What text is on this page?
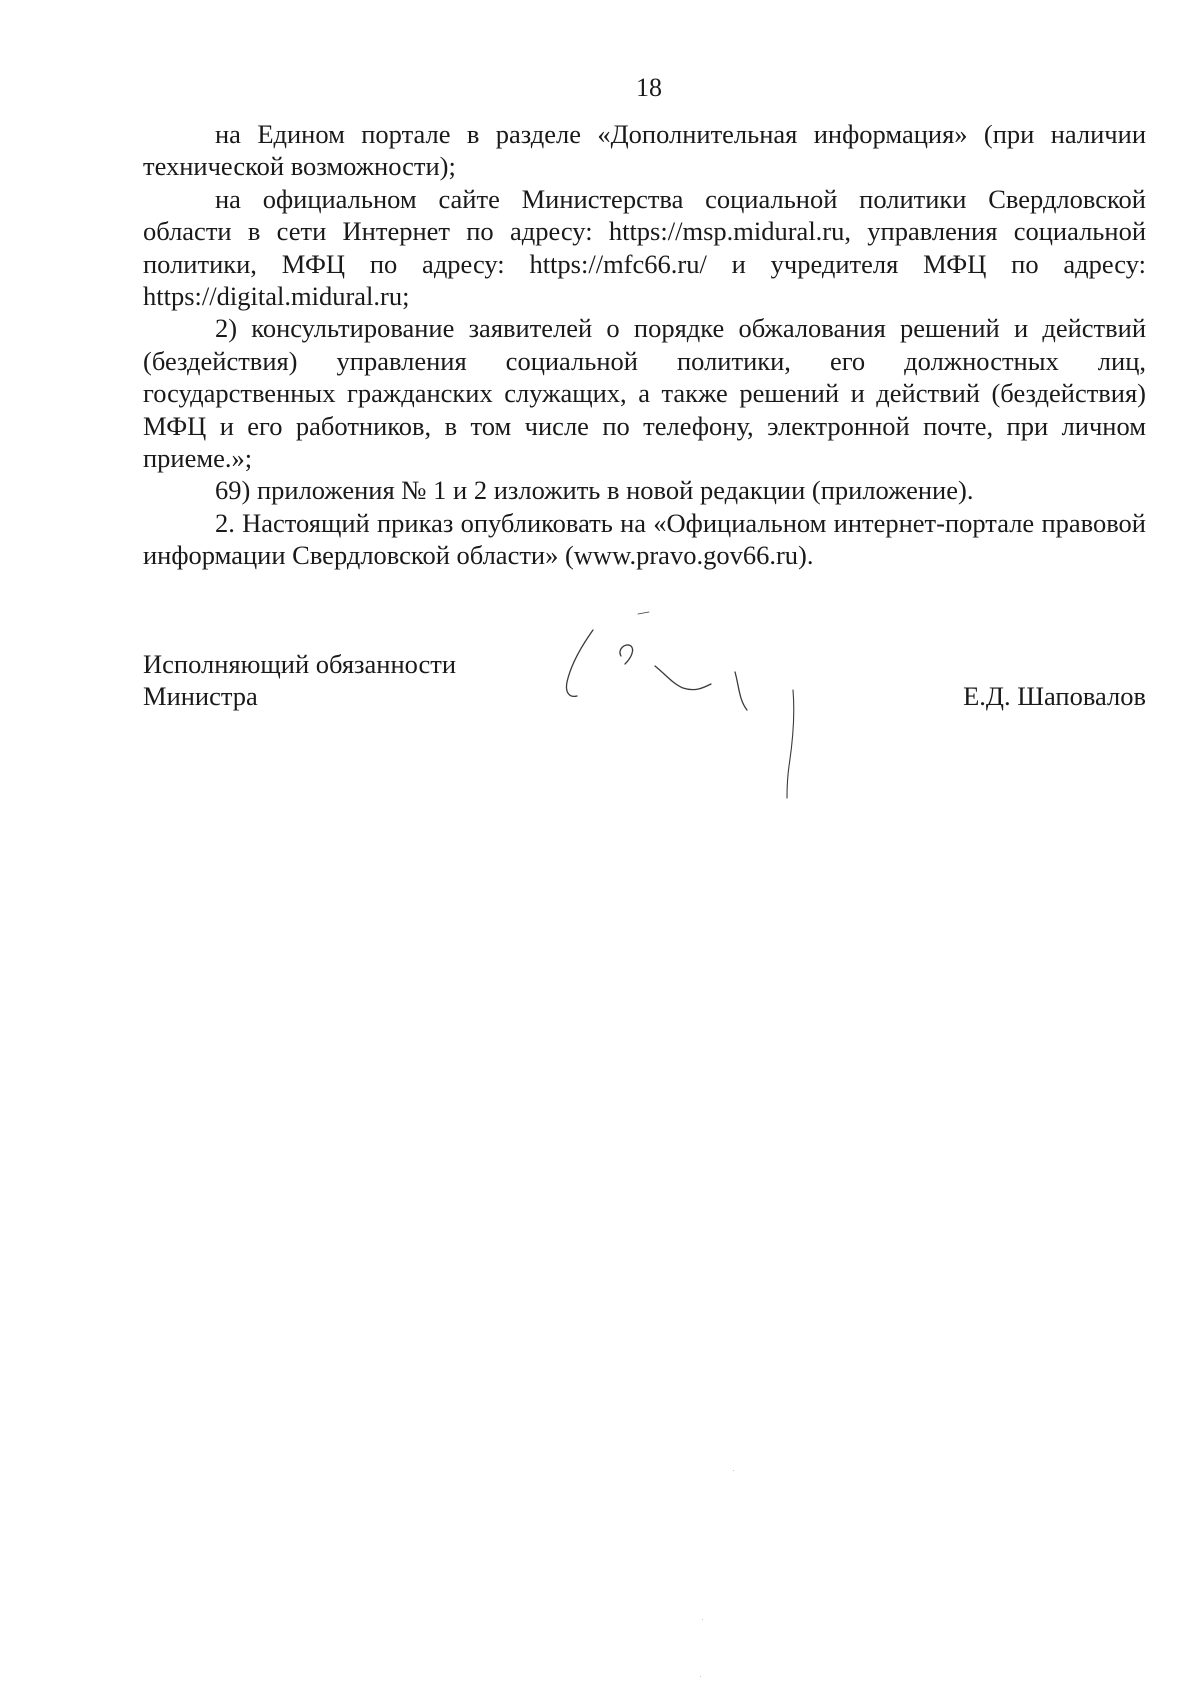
18

на Едином портале в разделе «Дополнительная информация» (при наличии технической возможности);

на официальном сайте Министерства социальной политики Свердловской области в сети Интернет по адресу: https://msp.midural.ru, управления социальной политики, МФЦ по адресу: https://mfc66.ru/ и учредителя МФЦ по адресу: https://digital.midural.ru;

2) консультирование заявителей о порядке обжалования решений и действий (бездействия) управления социальной политики, его должностных лиц, государственных гражданских служащих, а также решений и действий (бездействия) МФЦ и его работников, в том числе по телефону, электронной почте, при личном приеме.»;

69) приложения № 1 и 2 изложить в новой редакции (приложение).

2. Настоящий приказ опубликовать на «Официальном интернет-портале правовой информации Свердловской области» (www.pravo.gov66.ru).

Исполняющий обязанности
Министра	Е.Д. Шаповалов
